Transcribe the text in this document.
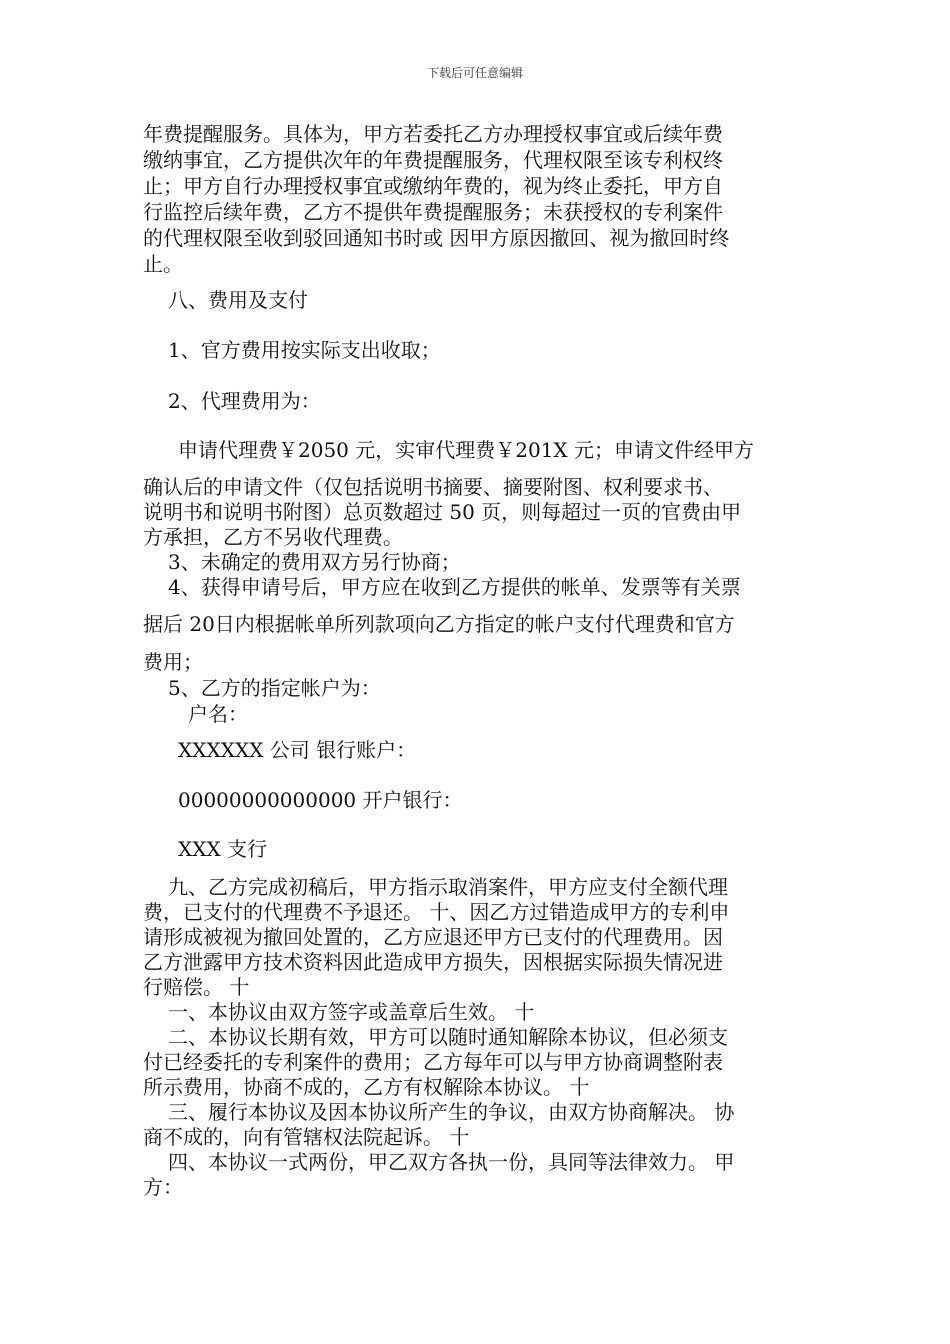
下载后可任意编辑
年费提醒服务。具体为，甲方若委托乙方办理授权事宜或后续年费
缴纳事宜，乙方提供次年的年费提醒服务，代理权限至该专利权终
止；甲方自行办理授权事宜或缴纳年费的，视为终止委托，甲方自
行监控后续年费，乙方不提供年费提醒服务；未获授权的专利案件
的代理权限至收到驳回通知书时或 因甲方原因撤回、视为撤回时终
止。
八、费用及支付
1、官方费用按实际支出收取；
2、代理费用为：
申请代理费￥2050 元，实审代理费￥201X 元；申请文件经甲方
确认后的申请文件（仅包括说明书摘要、摘要附图、权利要求书、
说明书和说明书附图）总页数超过 50 页，则每超过一页的官费由甲
方承担，乙方不另收代理费。
3、未确定的费用双方另行协商；
4、获得申请号后，甲方应在收到乙方提供的帐单、发票等有关票
据后 20日内根据帐单所列款项向乙方指定的帐户支付代理费和官方
费用；
5、乙方的指定帐户为：
户名：
XXXXXX 公司 银行账户：
00000000000000 开户银行：
XXX 支行
九、乙方完成初稿后，甲方指示取消案件，甲方应支付全额代理
费，已支付的代理费不予退还。 十、因乙方过错造成甲方的专利申
请形成被视为撤回处置的，乙方应退还甲方已支付的代理费用。因
乙方泄露甲方技术资料因此造成甲方损失，因根据实际损失情况进
行赔偿。 十
一、本协议由双方签字或盖章后生效。 十
二、本协议长期有效，甲方可以随时通知解除本协议，但必须支
付已经委托的专利案件的费用；乙方每年可以与甲方协商调整附表
所示费用，协商不成的，乙方有权解除本协议。 十
三、履行本协议及因本协议所产生的争议，由双方协商解决。 协
商不成的，向有管辖权法院起诉。 十
四、本协议一式两份，甲乙双方各执一份，具同等法律效力。 甲
方：
